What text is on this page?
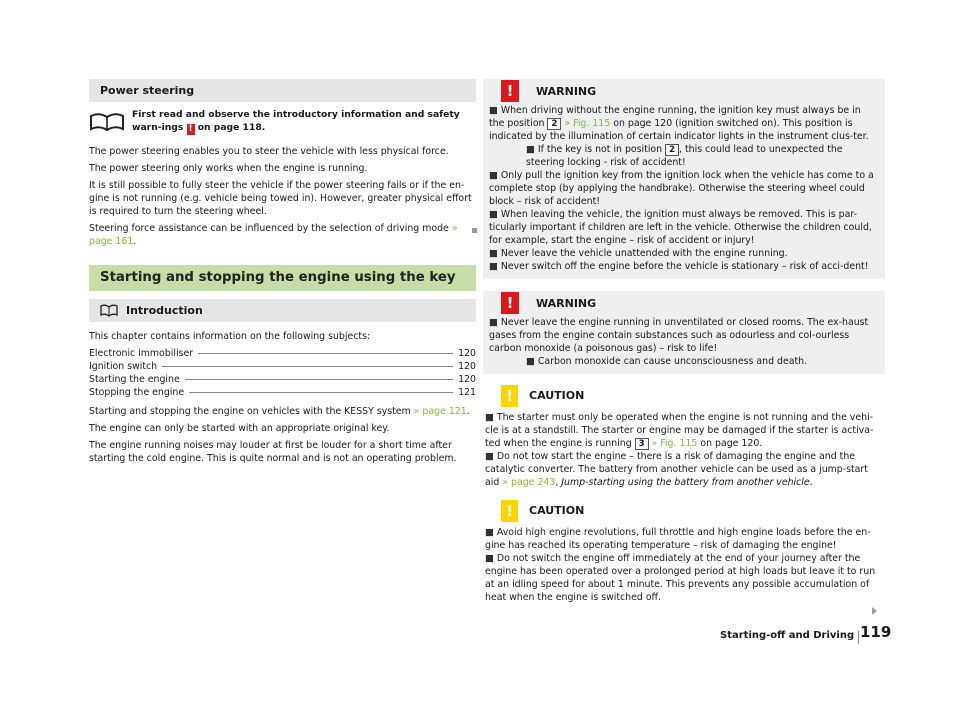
Power steering
First read and observe the introductory information and safety warn-ings ! on page 118.

The power steering enables you to steer the vehicle with less physical force.

The power steering only works when the engine is running.

It is still possible to fully steer the vehicle if the power steering fails or if the en-gine is not running (e.g. vehicle being towed in). However, greater physical effort is required to turn the steering wheel.

Steering force assistance can be influenced by the selection of driving mode » page 161.

Starting and stopping the engine using the key
Introduction

This chapter contains information on the following subjects:

Electronic immobiliser	120
Ignition switch	120
Starting the engine	120
Stopping the engine	121

Starting and stopping the engine on vehicles with the KESSY system » page 121.

The engine can only be started with an appropriate original key.

The engine running noises may louder at first be louder for a short time after starting the cold engine. This is quite normal and is not an operating problem.

!	WARNING

■ When driving without the engine running, the ignition key must always be in the position 2 » Fig. 115 on page 120 (ignition switched on). This position is indicated by the illumination of certain indicator lights in the instrument clus-ter.

■ If the key is not in position 2 , this could lead to unexpected the steering locking - risk of accident!

■ Only pull the ignition key from the ignition lock when the vehicle has come to a complete stop (by applying the handbrake). Otherwise the steering wheel could block – risk of accident!

■ When leaving the vehicle, the ignition must always be removed. This is par-ticularly important if children are left in the vehicle. Otherwise the children could, for example, start the engine – risk of accident or injury!

■ Never leave the vehicle unattended with the engine running.

■ Never switch off the engine before the vehicle is stationary – risk of acci-dent!

!	WARNING

■ Never leave the engine running in unventilated or closed rooms. The ex-haust gases from the engine contain substances such as odourless and col-ourless carbon monoxide (a poisonous gas) – risk to life!

■ Carbon monoxide can cause unconsciousness and death.

!	CAUTION

■ The starter must only be operated when the engine is not running and the vehi-cle is at a standstill. The starter or engine may be damaged if the starter is activa-ted when the engine is running 3 » Fig. 115 on page 120.

■ Do not tow start the engine – there is a risk of damaging the engine and the catalytic converter. The battery from another vehicle can be used as a jump-start aid » page 243, Jump-starting using the battery from another vehicle.

!	CAUTION

■ Avoid high engine revolutions, full throttle and high engine loads before the en-gine has reached its operating temperature – risk of damaging the engine!

■ Do not switch the engine off immediately at the end of your journey after the engine has been operated over a prolonged period at high loads but leave it to run at an idling speed for about 1 minute. This prevents any possible accumulation of heat when the engine is switched off.

Starting-off and Driving 119
